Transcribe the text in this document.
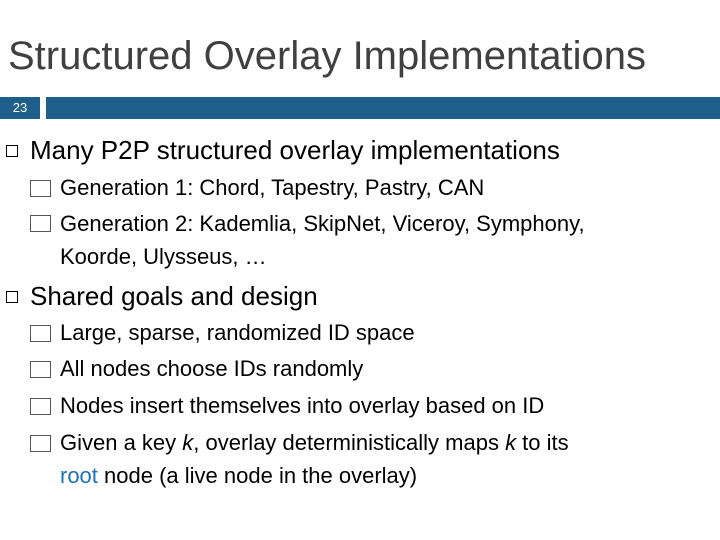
Structured Overlay Implementations
23
Many P2P structured overlay implementations
Generation 1: Chord, Tapestry, Pastry, CAN
Generation 2: Kademlia, SkipNet, Viceroy, Symphony,
Koorde, Ulysseus, …
Shared goals and design
Large, sparse, randomized ID space
All nodes choose IDs randomly
Nodes insert themselves into overlay based on ID
Given a key k, overlay deterministically maps k to its
root node (a live node in the overlay)
